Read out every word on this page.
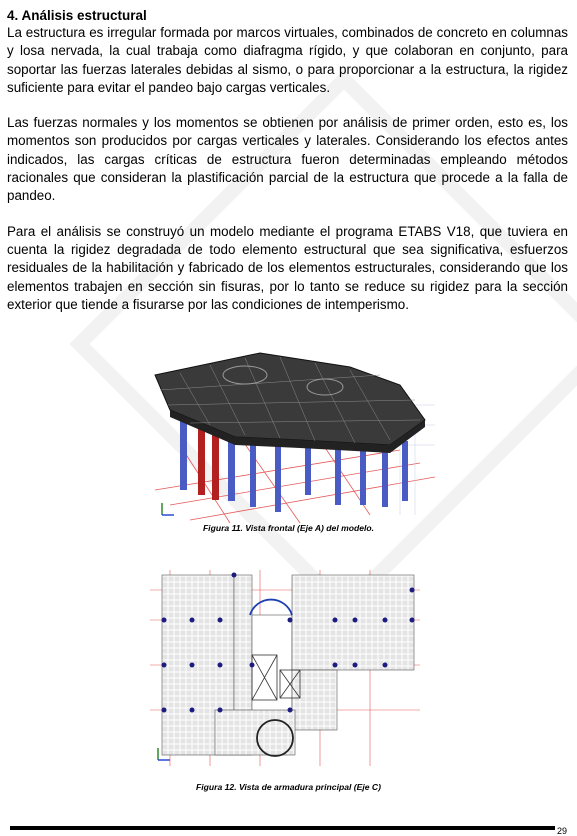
4. Análisis estructural

La estructura es irregular formada por marcos virtuales, combinados de concreto en columnas y losa nervada, la cual trabaja como diafragma rígido, y que colaboran en conjunto, para soportar las fuerzas laterales debidas al sismo, o para proporcionar a la estructura, la rigidez suficiente para evitar el pandeo bajo cargas verticales.

Las fuerzas normales y los momentos se obtienen por análisis de primer orden, esto es, los momentos son producidos por cargas verticales y laterales. Considerando los efectos antes indicados, las cargas críticas de estructura fueron determinadas empleando métodos racionales que consideran la plastificación parcial de la estructura que procede a la falla de pandeo.

Para el análisis se construyó un modelo mediante el programa ETABS V18, que tuviera en cuenta la rigidez degradada de todo elemento estructural que sea significativa, esfuerzos residuales de la habilitación y fabricado de los elementos estructurales, considerando que los elementos trabajen en sección sin fisuras, por lo tanto se reduce su rigidez para la sección exterior que tiende a fisurarse por las condiciones de intemperismo.

Figura 11. Vista frontal (Eje A) del modelo.
Figura 12. Vista de armadura principal (Eje C)
29
